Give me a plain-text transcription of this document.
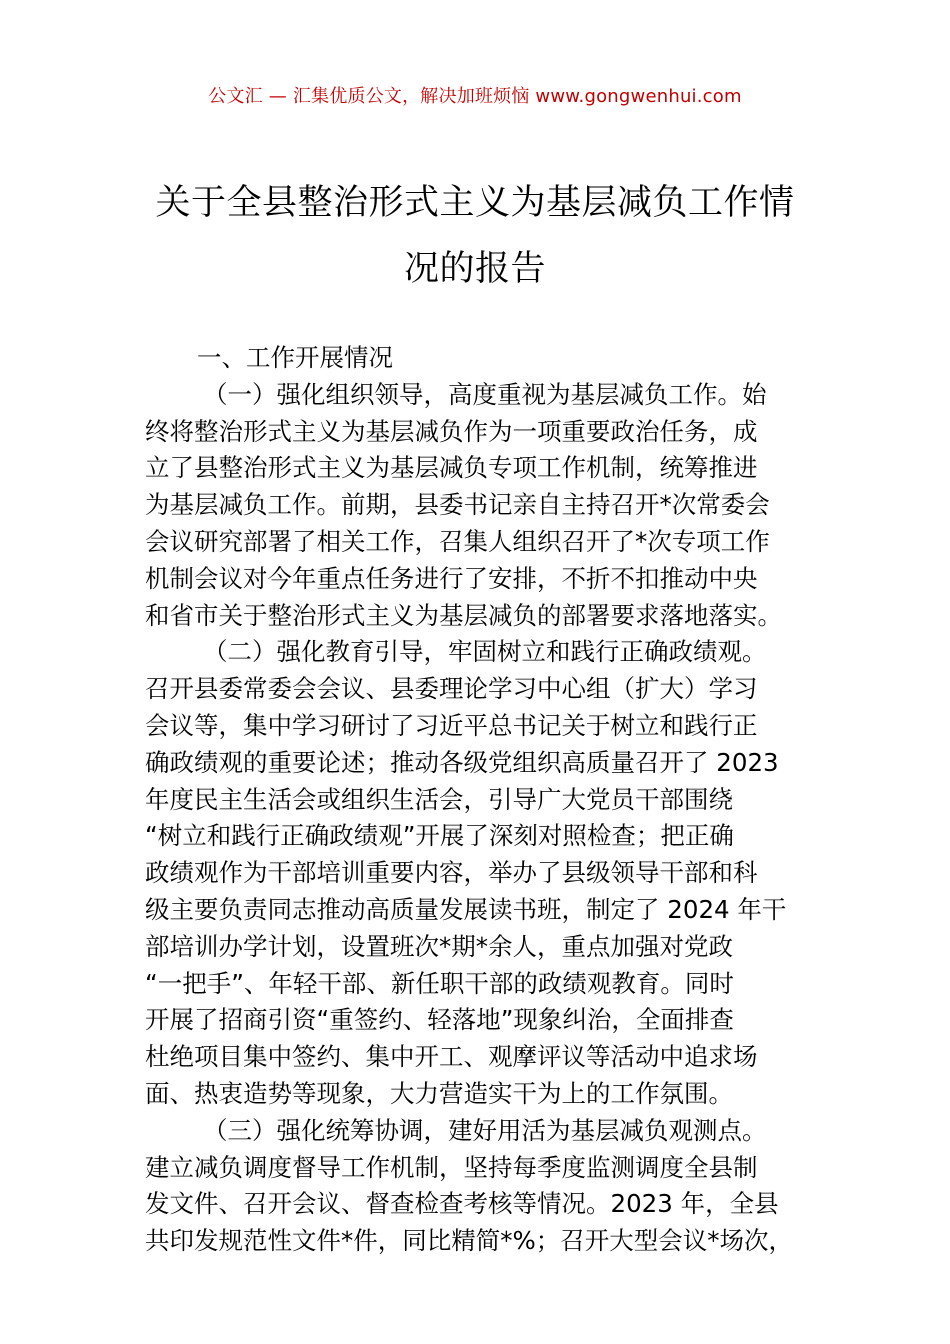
公文汇 — 汇集优质公文，解决加班烦恼 www.gongwenhui.com
关于全县整治形式主义为基层减负工作情
况的报告
一、工作开展情况
（一）强化组织领导，高度重视为基层减负工作。始
终将整治形式主义为基层减负作为一项重要政治任务，成
立了县整治形式主义为基层减负专项工作机制，统筹推进
为基层减负工作。前期，县委书记亲自主持召开*次常委会
会议研究部署了相关工作，召集人组织召开了*次专项工作
机制会议对今年重点任务进行了安排，不折不扣推动中央
和省市关于整治形式主义为基层减负的部署要求落地落实。
（二）强化教育引导，牢固树立和践行正确政绩观。
召开县委常委会会议、县委理论学习中心组（扩大）学习
会议等，集中学习研讨了习近平总书记关于树立和践行正
确政绩观的重要论述；推动各级党组织高质量召开了 2023
年度民主生活会或组织生活会，引导广大党员干部围绕
“树立和践行正确政绩观”开展了深刻对照检查；把正确
政绩观作为干部培训重要内容，举办了县级领导干部和科
级主要负责同志推动高质量发展读书班，制定了 2024 年干
部培训办学计划，设置班次*期*余人，重点加强对党政
“一把手”、年轻干部、新任职干部的政绩观教育。同时
开展了招商引资“重签约、轻落地”现象纠治，全面排查
杜绝项目集中签约、集中开工、观摩评议等活动中追求场
面、热衷造势等现象，大力营造实干为上的工作氛围。
（三）强化统筹协调，建好用活为基层减负观测点。
建立减负调度督导工作机制，坚持每季度监测调度全县制
发文件、召开会议、督查检查考核等情况。2023 年，全县
共印发规范性文件*件，同比精简*%；召开大型会议*场次，
